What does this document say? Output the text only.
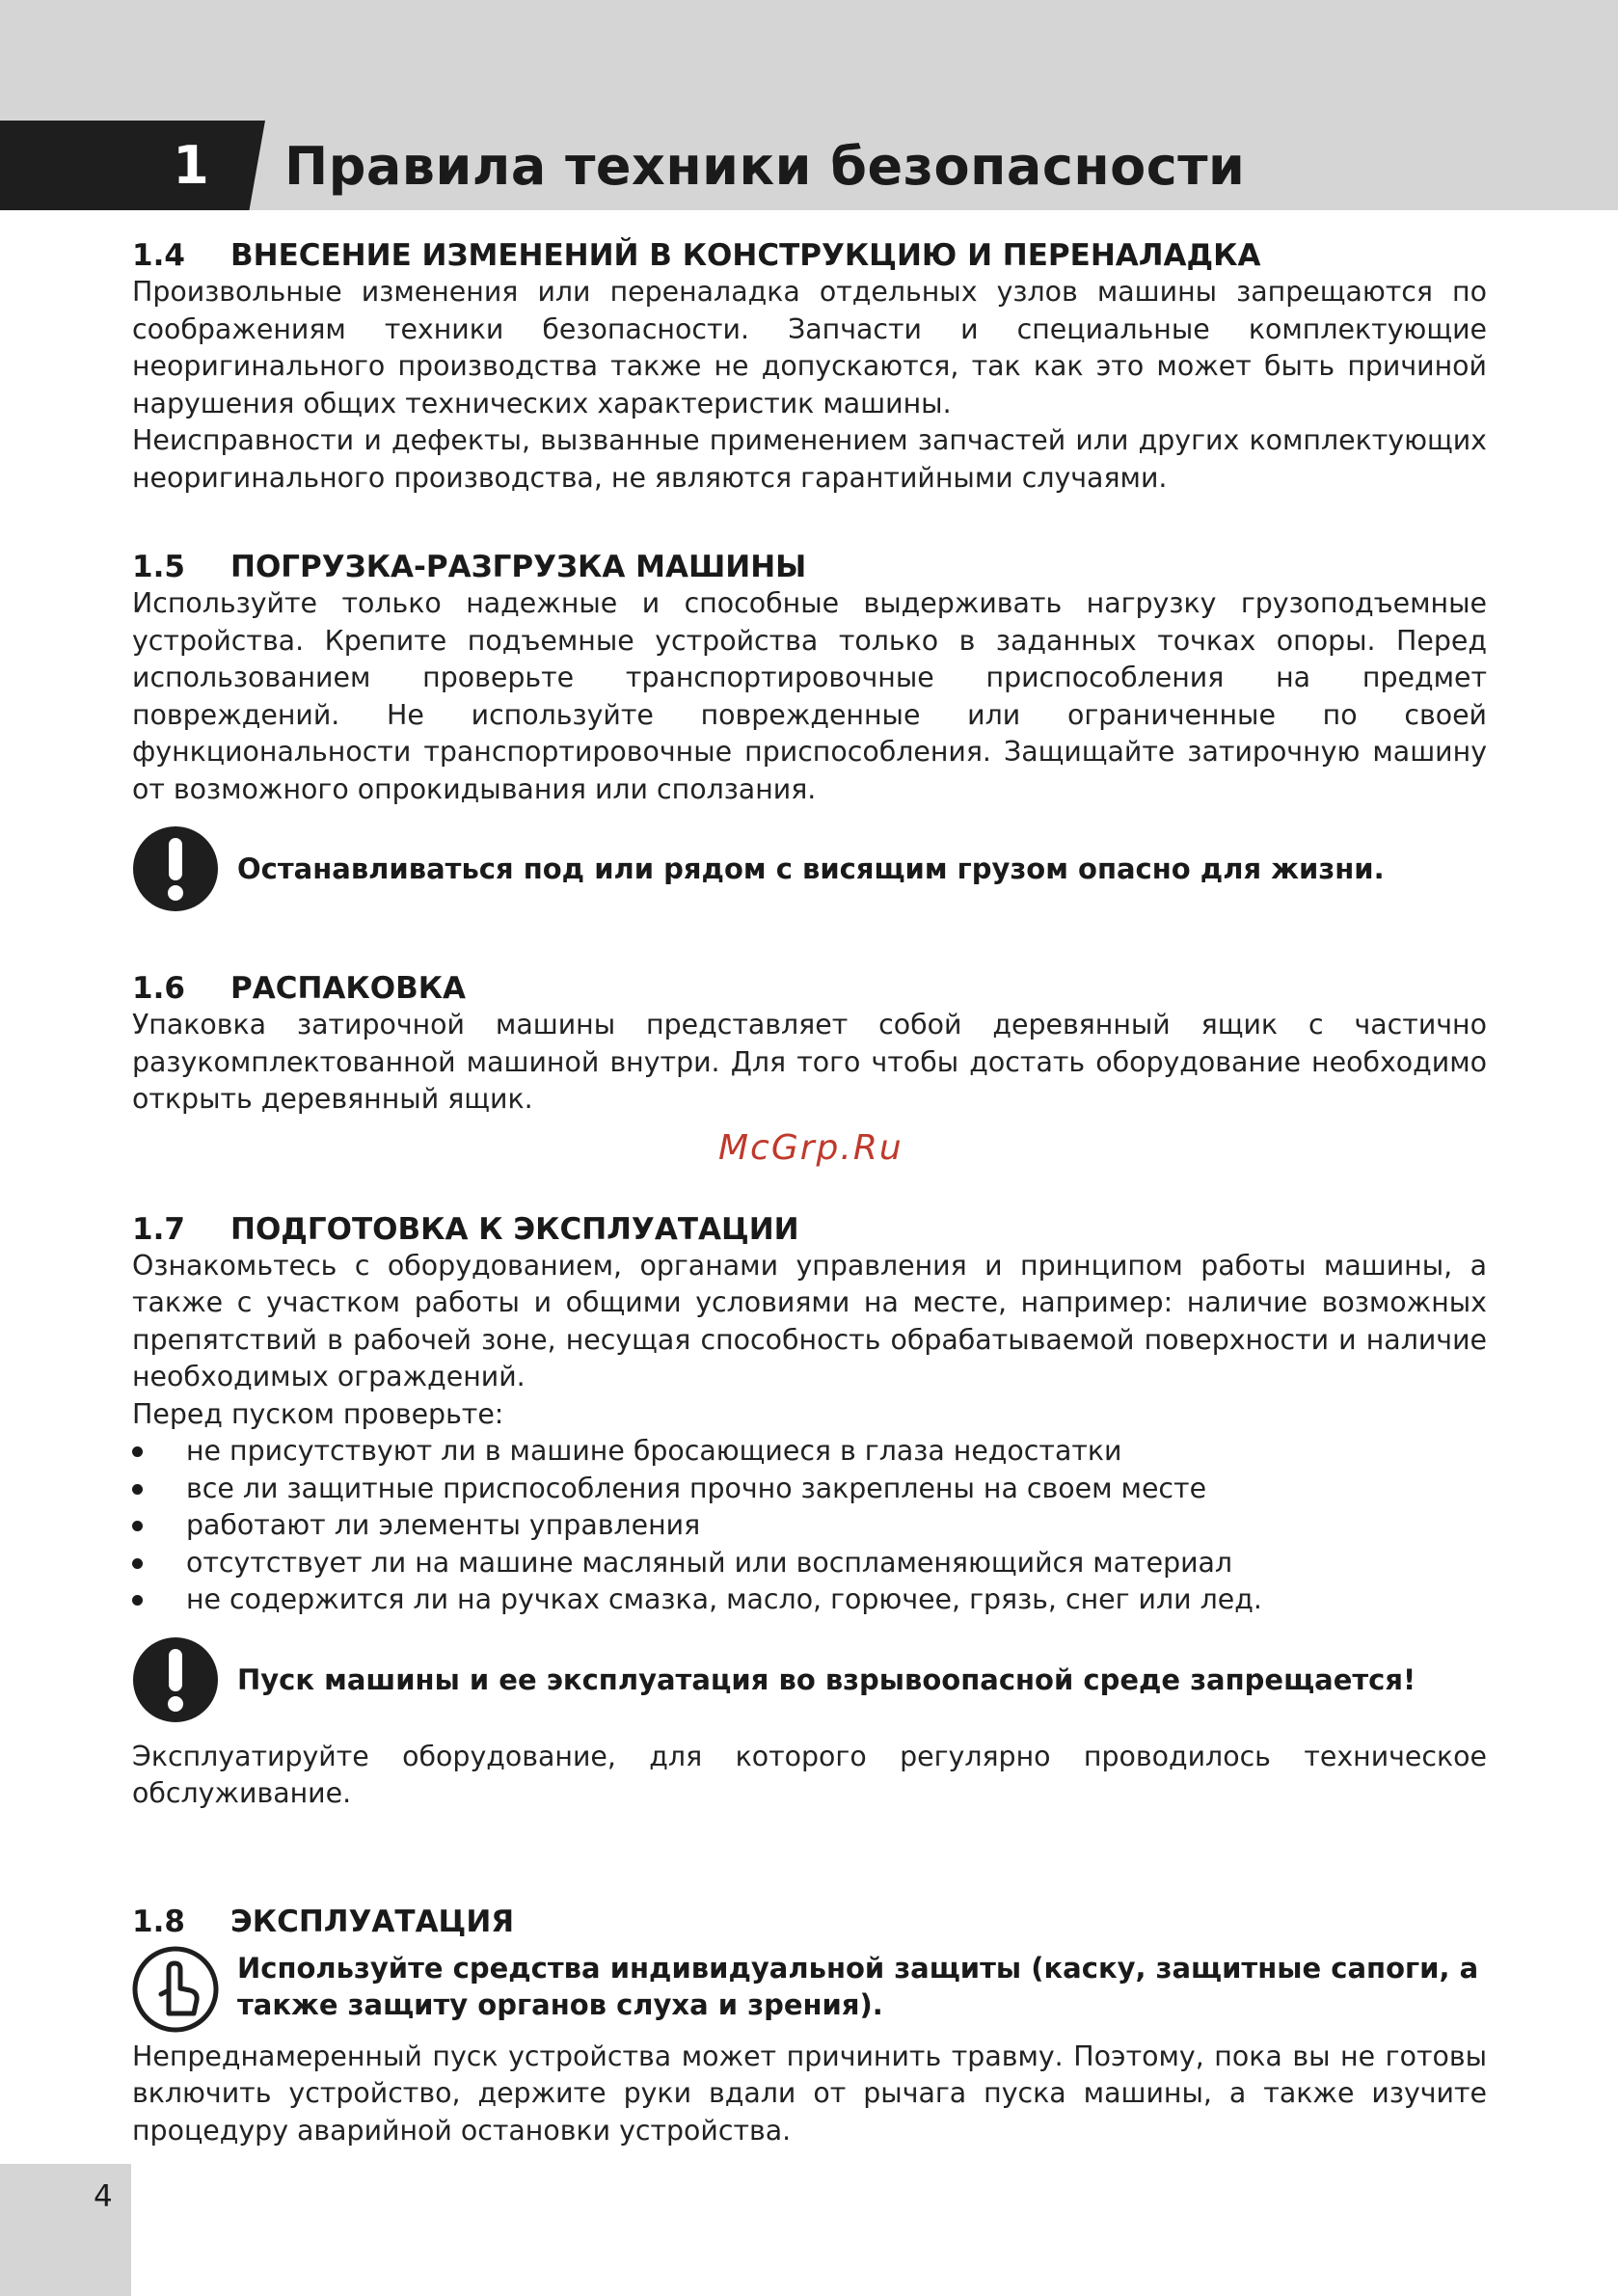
1 Правила техники безопасности
1.4 ВНЕСЕНИЕ ИЗМЕНЕНИЙ В КОНСТРУКЦИЮ И ПЕРЕНАЛАДКА

Произвольные изменения или переналадка отдельных узлов машины запрещаются по соображениям техники безопасности. Запчасти и специальные комплектующие неоригинального производства также не допускаются, так как это может быть причиной нарушения общих технических характеристик машины.

Неисправности и дефекты, вызванные применением запчастей или других комплектующих неоригинального производства, не являются гарантийными случаями.

1.5 ПОГРУЗКА-РАЗГРУЗКА МАШИНЫ

Используйте только надежные и способные выдерживать нагрузку грузоподъемные устройства. Крепите подъемные устройства только в заданных точках опоры. Перед использованием проверьте транспортировочные приспособления на предмет повреждений. Не используйте поврежденные или ограниченные по своей функциональности транспортировочные приспособления. Защищайте затирочную машину от возможного опрокидывания или сползания.

Останавливаться под или рядом с висящим грузом опасно для жизни.
1.6 РАСПАКОВКА

Упаковка затирочной машины представляет собой деревянный ящик с частично разукомплектованной машиной внутри. Для того чтобы достать оборудование необходимо открыть деревянный ящик.

1.7 ПОДГОТОВКА К ЭКСПЛУАТАЦИИ

Ознакомьтесь с оборудованием, органами управления и принципом работы машины, а также с участком работы и общими условиями на месте, например: наличие возможных препятствий в рабочей зоне, несущая способность обрабатываемой поверхности и наличие необходимых ограждений.

Перед пуском проверьте:

не присутствуют ли в машине бросающиеся в глаза недостатки
все ли защитные приспособления прочно закреплены на своем месте
работают ли элементы управления
отсутствует ли на машине масляный или воспламеняющийся материал
не содержится ли на ручках смазка, масло, горючее, грязь, снег или лед.
Пуск машины и ее эксплуатация во взрывоопасной среде запрещается!

Эксплуатируйте оборудование, для которого регулярно проводилось техническое обслуживание.

1.8 ЭКСПЛУАТАЦИЯ
Используйте средства индивидуальной защиты (каску, защитные сапоги, а также защиту органов слуха и зрения).

Непреднамеренный пуск устройства может причинить травму. Поэтому, пока вы не готовы включить устройство, держите руки вдали от рычага пуска машины, а также изучите процедуру аварийной остановки устройства.

McGrp.Ru
4
